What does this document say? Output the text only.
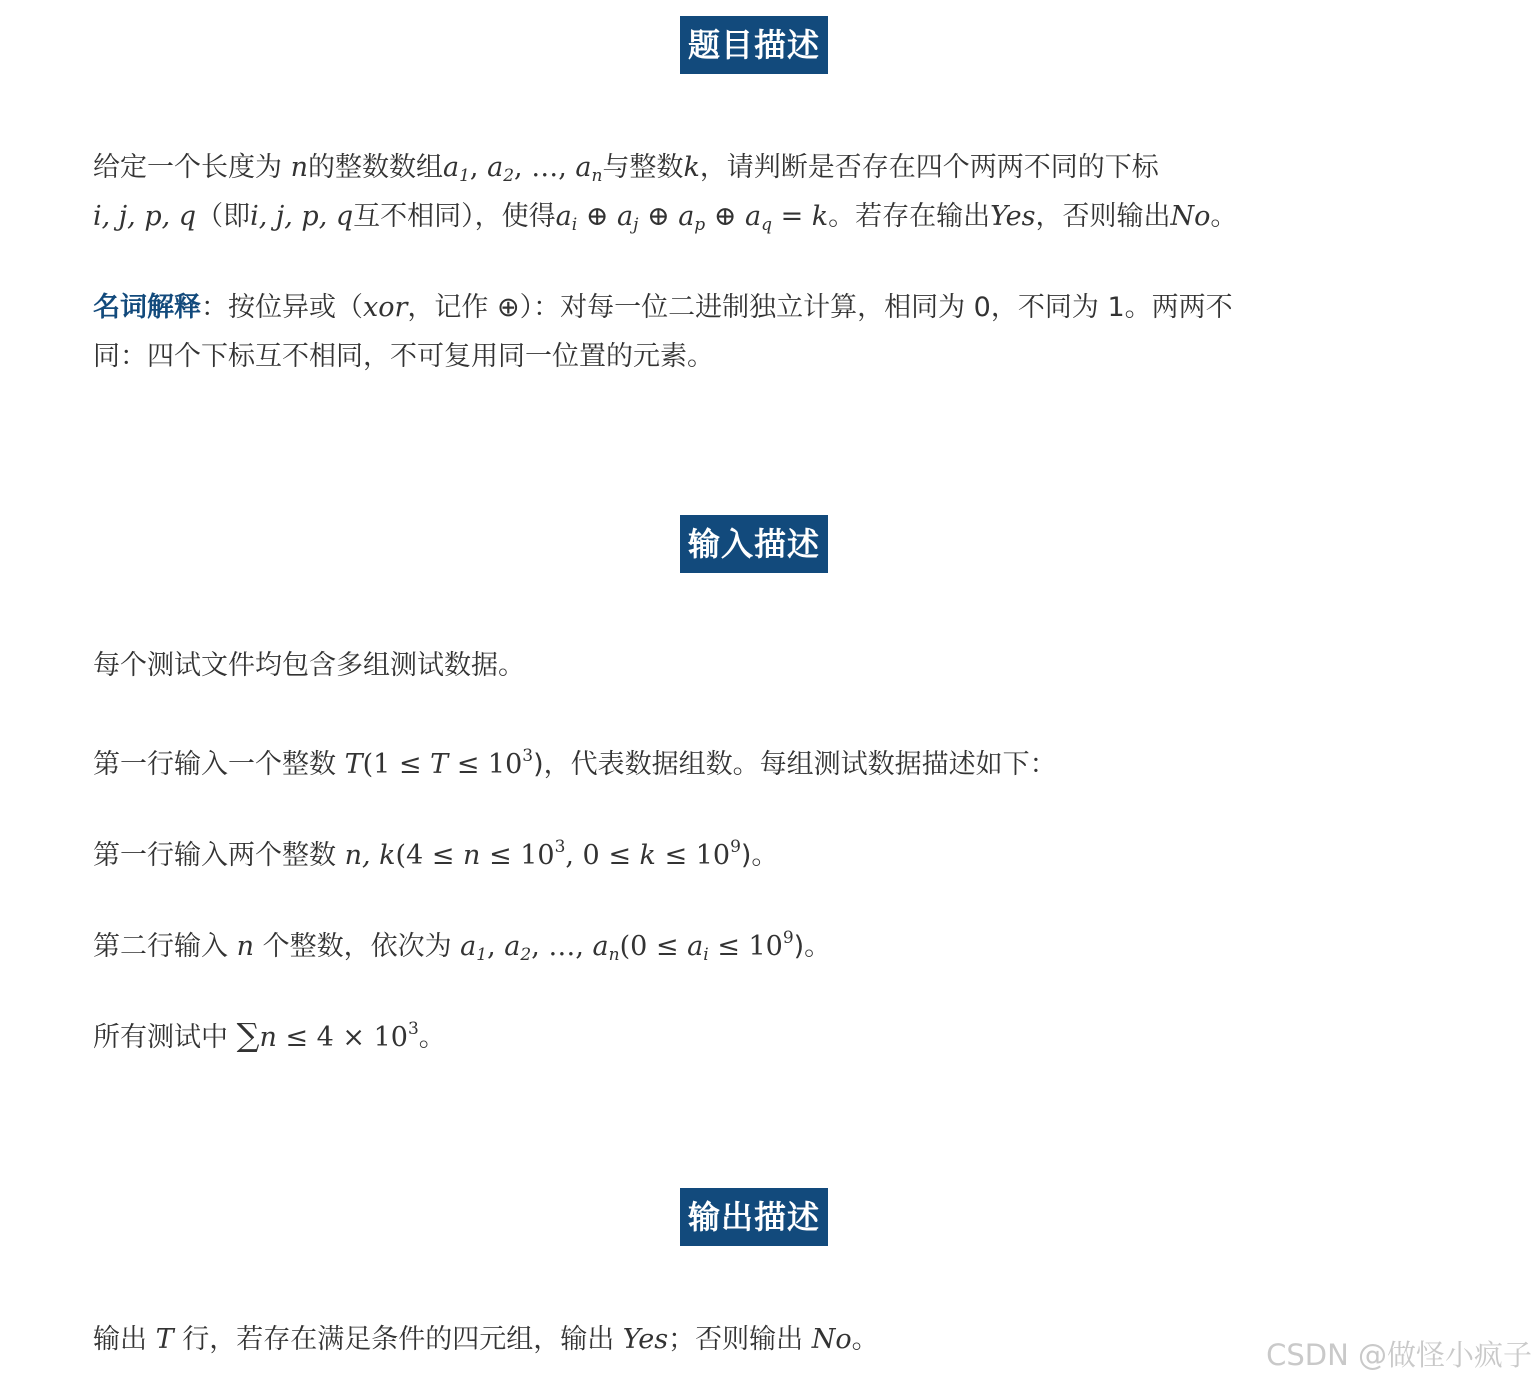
题目描述
给定一个长度为 n的整数数组$a_1$, $a_2$, …, $a_n$与整数k，请判断是否存在四个两两不同的下标
i, j, p, q（即i, j, p, q互不相同），使得$a_i$ ⊕ $a_j$ ⊕ $a_p$ ⊕ $a_q = k$。若存在输出Yes，否则输出No。
名词解释：按位异或（xor，记作 ⊕）：对每一位二进制独立计算，相同为 0，不同为 1。两两不
同：四个下标互不相同，不可复用同一位置的元素。
输入描述
每个测试文件均包含多组测试数据。
第一行输入一个整数 $T(1 \le T \le 10^3)$，代表数据组数。每组测试数据描述如下：
第一行输入两个整数 n, $k(4 \le n \le 10^3$, $0 \le k \le 10^9$)。
第二行输入 n 个整数，依次为 $a_1$, $a_2$, …, $a_n(0 \le a_i \le 10^9)$。
所有测试中 $\sum n \le 4 \times 10^3$。
输出描述
输出 T 行，若存在满足条件的四元组，输出 Yes；否则输出 No。	CSDN @做怪小疯子
